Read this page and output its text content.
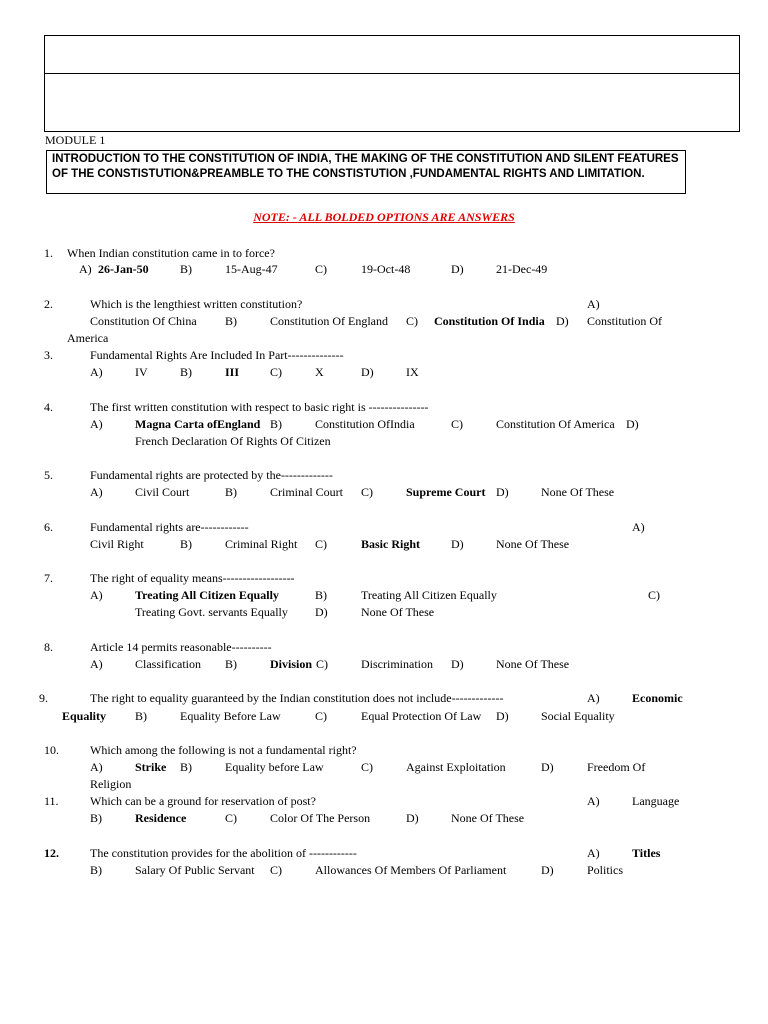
MODULE 1
INTRODUCTION TO THE CONSTITUTION OF INDIA, THE MAKING OF THE CONSTITUTION AND SILENT FEATURES OF THE CONSTISTUTION&PREAMBLE TO THE CONSTISTUTION ,FUNDAMENTAL RIGHTS AND LIMITATION.
NOTE: - ALL BOLDED OPTIONS ARE ANSWERS
1. When Indian constitution came in to force?
A) 26-Jan-50	B)	15-Aug-47	C)	19-Oct-48	D)	21-Dec-49
2.	Which is the lengthiest written constitution?	A)
Constitution Of China B)	Constitution Of England C) Constitution Of India D) Constitution Of
America
3.	Fundamental Rights Are Included In Part--------------
A)	IV	B)	III	C)	X	D)	IX
4.	The first written constitution with respect to basic right is ---------------
A)	Magna Carta ofEngland B)	Constitution OfIndia	C)	Constitution Of America D)
French Declaration Of Rights Of Citizen
5.	Fundamental rights are protected by the-------------
A)	Civil Court	B)	Criminal Court C)	Supreme Court D)	None Of These
6.	Fundamental rights are------------	A)
Civil Right	B)	Criminal Right C)	Basic Right	D)	None Of These
7.	The right of equality means------------------
A)	Treating All Citizen Equally	B)	Treating All Citizen Equally	C)
Treating Govt. servants Equally D)	None Of These
8.	Article 14 permits reasonable----------
A)	Classification B)	Division C)	Discrimination D)	None Of These
9.	The right to equality guaranteed by the Indian constitution does not include-------------	A)	Economic
Equality B)	Equality Before Law	C)	Equal Protection Of Law D)	Social Equality
10.	Which among the following is not a fundamental right?
A)	Strike B)	Equality before Law	C)	Against Exploitation	D)	Freedom Of
Religion
11.	Which can be a ground for reservation of post?	A)	Language
B)	Residence	C)	Color Of The Person	D)	None Of These
12.	The constitution provides for the abolition of ------------	A)	Titles
B)	Salary Of Public Servant C)	Allowances Of Members Of Parliament	D)	Politics
